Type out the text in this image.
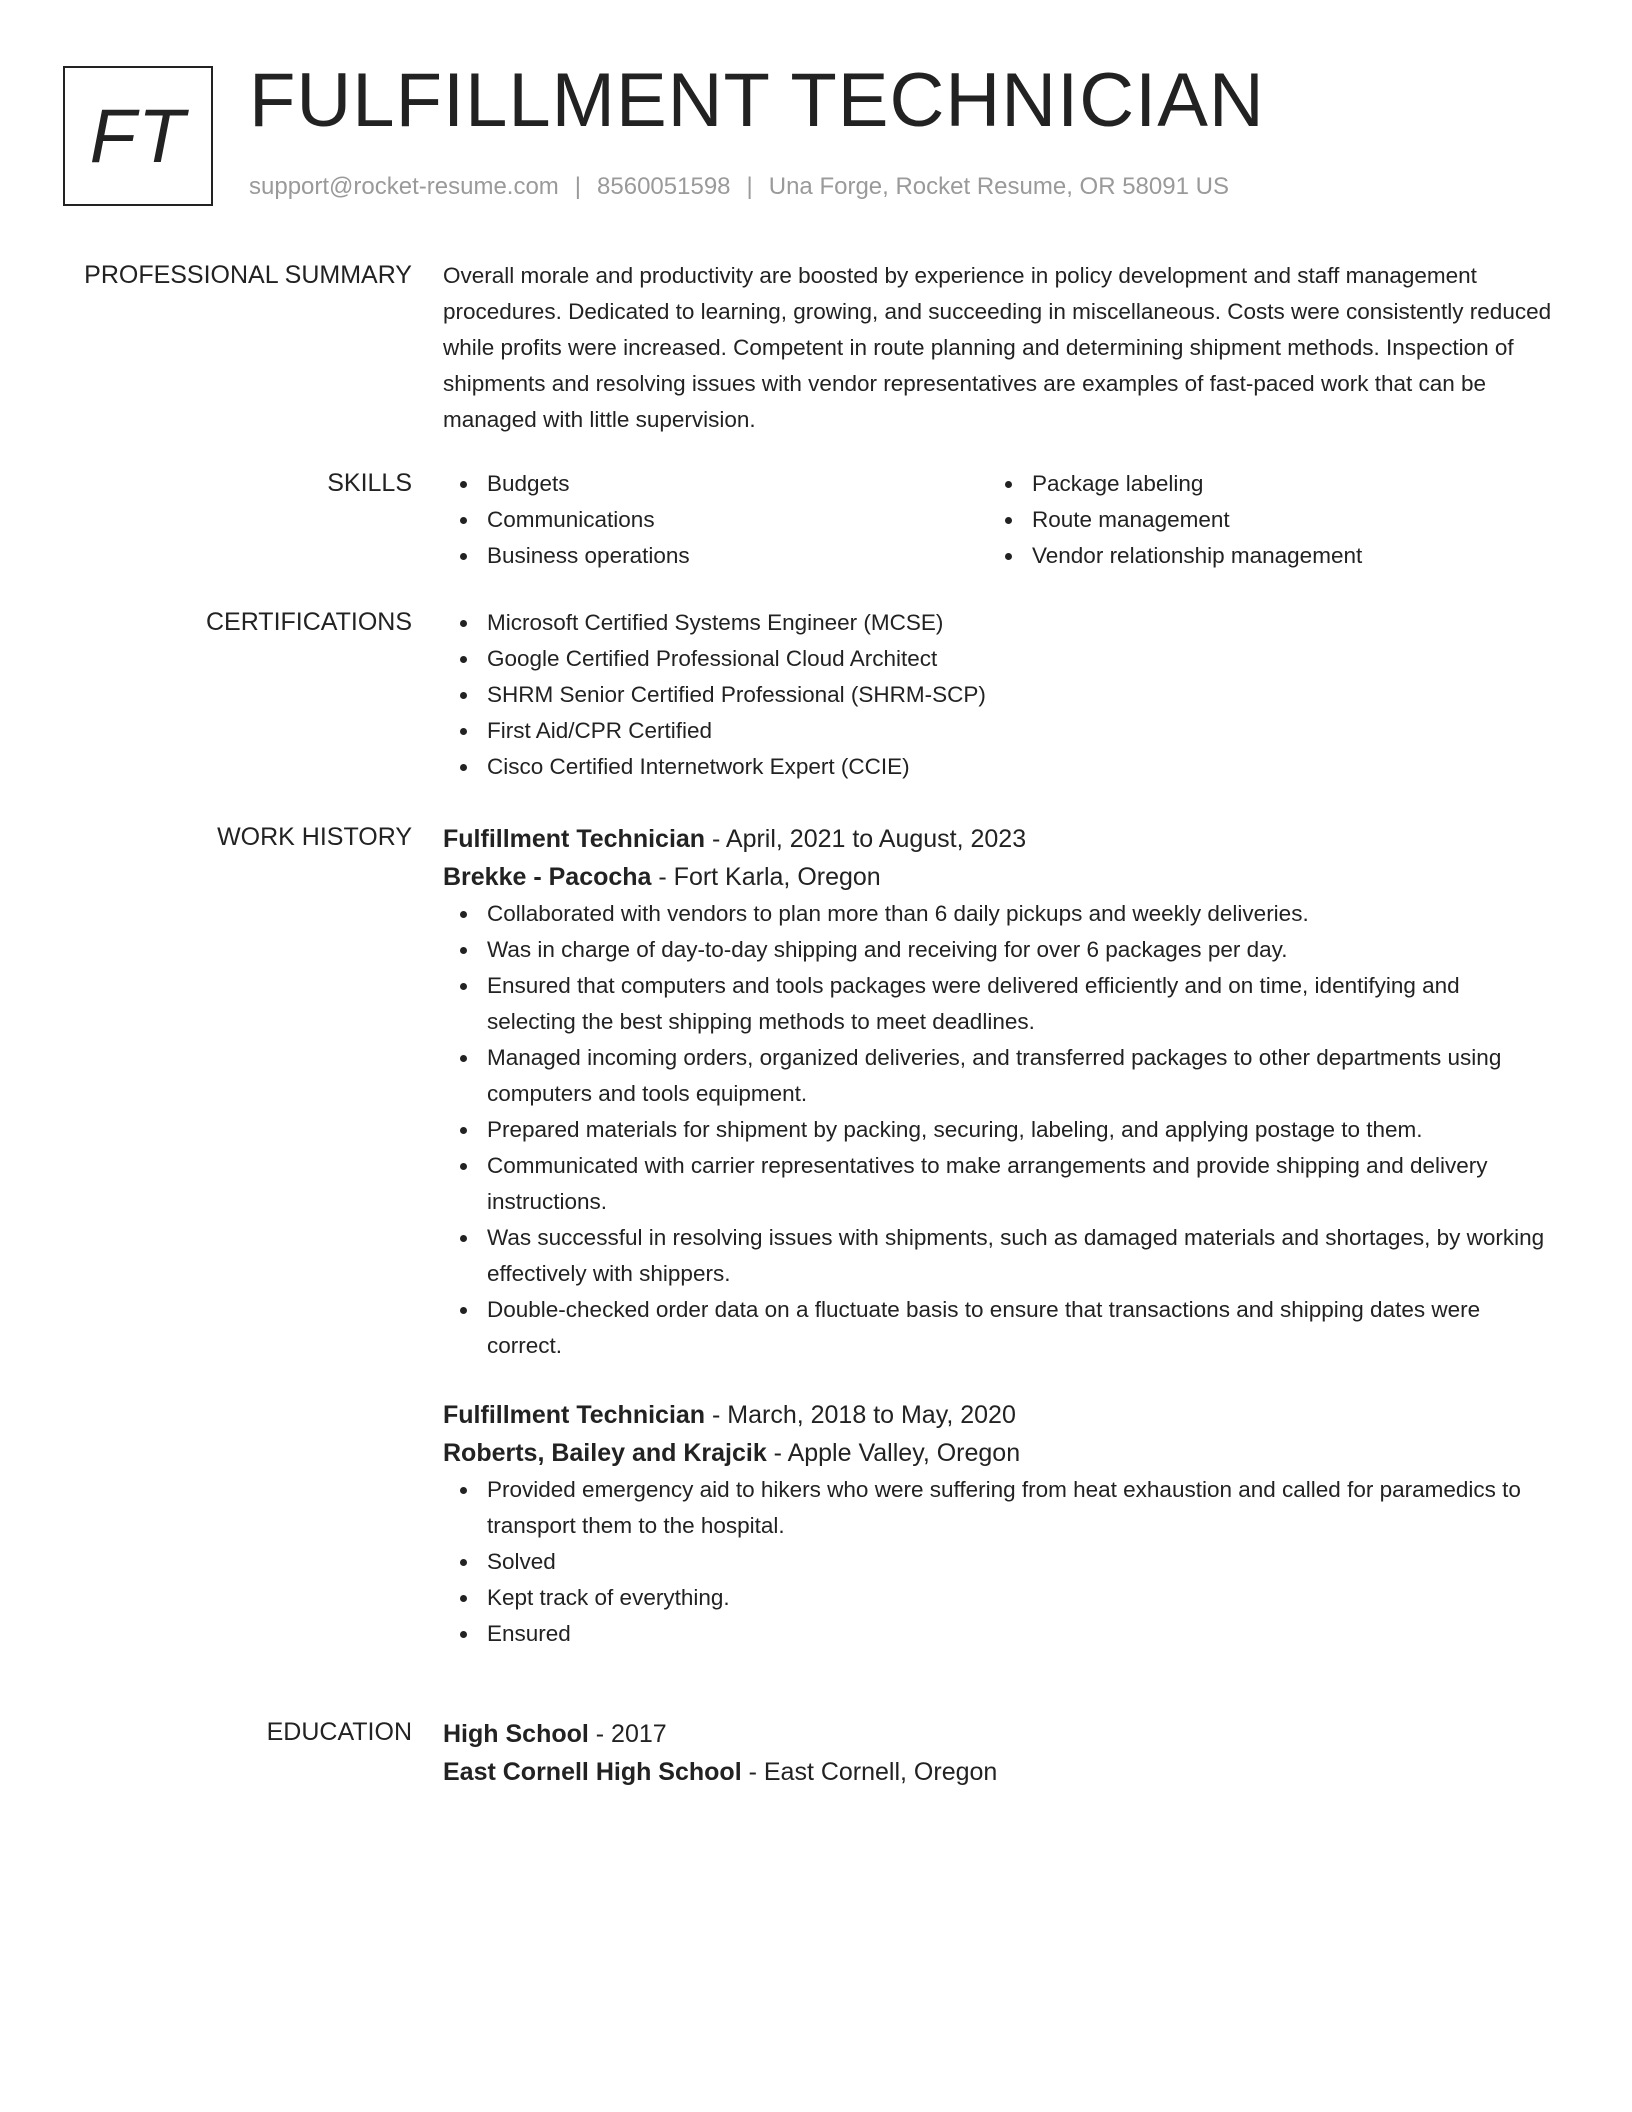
FT FULFILLMENT TECHNICIAN
support@rocket-resume.com | 8560051598 | Una Forge, Rocket Resume, OR 58091 US
PROFESSIONAL SUMMARY Overall morale and productivity are boosted by experience in policy development and staff management procedures. Dedicated to learning, growing, and succeeding in miscellaneous. Costs were consistently reduced while profits were increased. Competent in route planning and determining shipment methods. Inspection of shipments and resolving issues with vendor representatives are examples of fast-paced work that can be managed with little supervision.
SKILLS	Budgets
Communications
Business operations
Package labeling
Route management
Vendor relationship management
CERTIFICATIONS	Microsoft Certified Systems Engineer (MCSE)
Google Certified Professional Cloud Architect
SHRM Senior Certified Professional (SHRM-SCP)
First Aid/CPR Certified
Cisco Certified Internetwork Expert (CCIE)
WORK HISTORY Fulfillment Technician - April, 2021 to August, 2023
Brekke - Pacocha - Fort Karla, Oregon
Collaborated with vendors to plan more than 6 daily pickups and weekly deliveries.
Was in charge of day-to-day shipping and receiving for over 6 packages per day.
Ensured that computers and tools packages were delivered efficiently and on time, identifying and selecting the best shipping methods to meet deadlines.
Managed incoming orders, organized deliveries, and transferred packages to other departments using computers and tools equipment.
Prepared materials for shipment by packing, securing, labeling, and applying postage to them.
Communicated with carrier representatives to make arrangements and provide shipping and delivery instructions.
Was successful in resolving issues with shipments, such as damaged materials and shortages, by working effectively with shippers.
Double-checked order data on a fluctuate basis to ensure that transactions and shipping dates were correct.
Fulfillment Technician - March, 2018 to May, 2020
Roberts, Bailey and Krajcik - Apple Valley, Oregon
Provided emergency aid to hikers who were suffering from heat exhaustion and called for paramedics to transport them to the hospital.
Solved
Kept track of everything.
Ensured
EDUCATION High School - 2017
East Cornell High School - East Cornell, Oregon
